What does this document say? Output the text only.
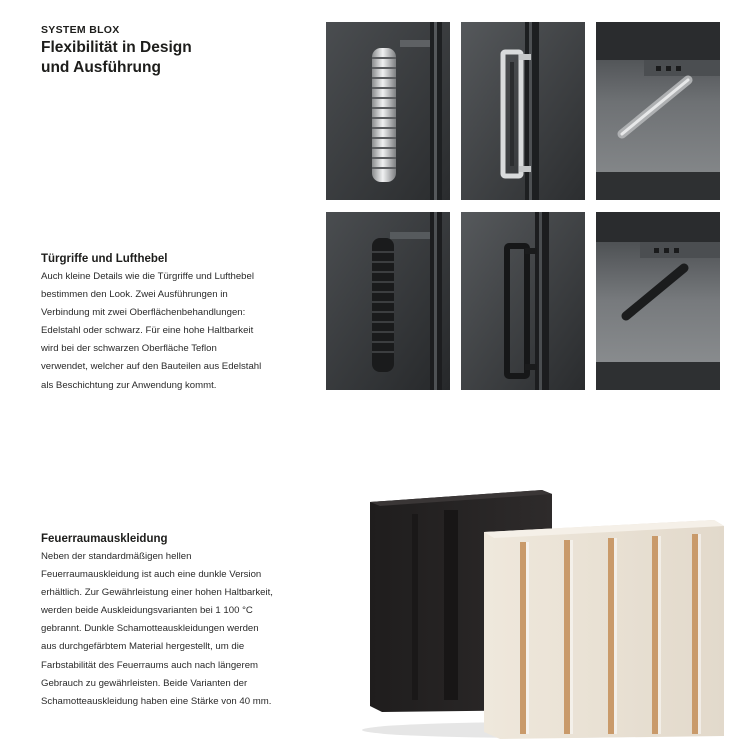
SYSTEM BLOX
Flexibilität in Design
und Ausführung
Türgriffe und Lufthebel

Auch kleine Details wie die Türgriffe und Lufthebel
bestimmen den Look. Zwei Ausführungen in
Verbindung mit zwei Oberflächenbehandlungen:
Edelstahl oder schwarz. Für eine hohe Haltbarkeit
wird bei der schwarzen Oberfläche Teflon
verwendet, welcher auf den Bauteilen aus Edelstahl
als Beschichtung zur Anwendung kommt.

Feuerraumauskleidung

Neben der standardmäßigen hellen
Feuerraumauskleidung ist auch eine dunkle Version
erhältlich. Zur Gewährleistung einer hohen Haltbarkeit,
werden beide Auskleidungsvarianten bei 1 100 °C
gebrannt. Dunkle Schamotteauskleidungen werden
aus durchgefärbtem Material hergestellt, um die
Farbstabilität des Feuerraums auch nach längerem
Gebrauch zu gewährleisten. Beide Varianten der
Schamotteauskleidung haben eine Stärke von 40 mm.
